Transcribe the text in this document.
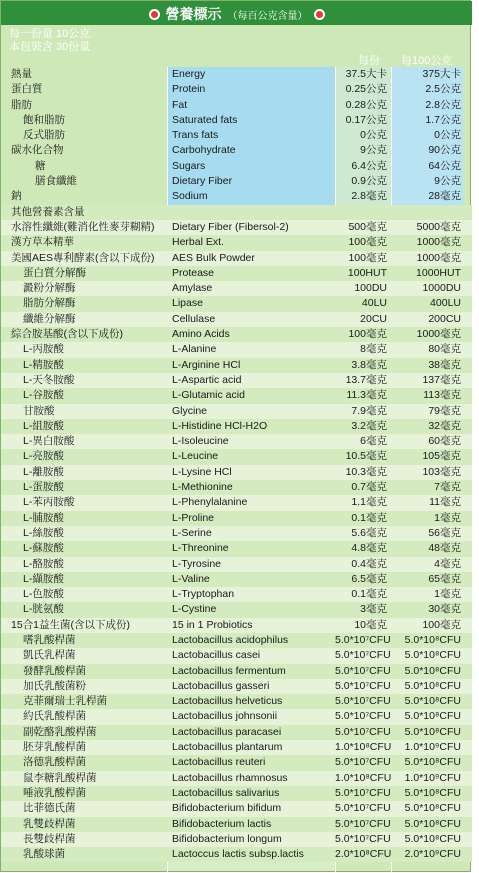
營養標示 （每百公克含量）
每一份量 10公克
本包裝含 30份量
每份 每100公克
熱量	Energy	37.5大卡	375大卡
蛋白質	Protein	0.25公克	2.5公克
脂肪	Fat	0.28公克	2.8公克
飽和脂肪	Saturated fats	0.17公克	1.7公克
反式脂肪	Trans fats	0公克	0公克
碳水化合物	Carbohydrate	9公克	90公克
糖	Sugars	6.4公克	64公克
膳食纖維	Dietary Fiber	0.9公克	9公克
鈉	Sodium	2.8毫克	28毫克
其他營養素含量
水溶性纖維(難消化性麥芽糊精)	Dietary Fiber (Fibersol-2)	500毫克	5000毫克
漢方草本精華	Herbal Ext.	100毫克	1000毫克
美國AES專利酵素(含以下成份)	AES Bulk Powder	100毫克	1000毫克
蛋白質分解酶	Protease	100HUT	1000HUT
澱粉分解酶	Amylase	100DU	1000DU
脂肪分解酶	Lipase	40LU	400LU
纖維分解酶	Cellulase	20CU	200CU
綜合胺基酸(含以下成份)	Amino Acids	100毫克	1000毫克
L-丙胺酸	L-Alanine	8毫克	80毫克
L-精胺酸	L-Arginine HCl	3.8毫克	38毫克
L-天冬胺酸	L-Aspartic acid	13.7毫克	137毫克
L-谷胺酸	L-Glutamic acid	11.3毫克	113毫克
甘胺酸	Glycine	7.9毫克	79毫克
L-組胺酸	L-Histidine HCl-H2O	3.2毫克	32毫克
L-異白胺酸	L-Isoleucine	6毫克	60毫克
L-亮胺酸	L-Leucine	10.5毫克	105毫克
L-離胺酸	L-Lysine HCl	10.3毫克	103毫克
L-蛋胺酸	L-Methionine	0.7毫克	7毫克
L-苯丙胺酸	L-Phenylalanine	1.1毫克	11毫克
L-脯胺酸	L-Proline	0.1毫克	1毫克
L-絲胺酸	L-Serine	5.6毫克	56毫克
L-蘇胺酸	L-Threonine	4.8毫克	48毫克
L-酪胺酸	L-Tyrosine	0.4毫克	4毫克
L-纈胺酸	L-Valine	6.5毫克	65毫克
L-色胺酸	L-Tryptophan	0.1毫克	1毫克
L-胱氨酸	L-Cystine	3毫克	30毫克
15合1益生菌(含以下成份)	15 in 1 Probiotics	10毫克	100毫克
嗜乳酸桿菌	Lactobacillus acidophilus	5.0*10⁷CFU	5.0*10⁸CFU
凱氏乳桿菌	Lactobacillus casei	5.0*10⁷CFU	5.0*10⁸CFU
發酵乳酸桿菌	Lactobacillus fermentum	5.0*10⁷CFU	5.0*10⁸CFU
加氏乳酸菌粉	Lactobacillus gasseri	5.0*10⁷CFU	5.0*10⁸CFU
克菲爾瑞士乳桿菌	Lactobacillus helveticus	5.0*10⁷CFU	5.0*10⁸CFU
約氏乳酸桿菌	Lactobacillus johnsonii	5.0*10⁷CFU	5.0*10⁸CFU
副乾酪乳酸桿菌	Lactobacillus paracasei	5.0*10⁷CFU	5.0*10⁸CFU
胚芽乳酸桿菌	Lactobacillus plantarum	1.0*10⁸CFU	1.0*10⁹CFU
洛德乳酸桿菌	Lactobacillus reuteri	5.0*10⁷CFU	5.0*10⁸CFU
鼠李糖乳酸桿菌	Lactobacillus rhamnosus	1.0*10⁸CFU	1.0*10⁹CFU
唾液乳酸桿菌	Lactobacillus salivarius	5.0*10⁷CFU	5.0*10⁸CFU
比菲德氏菌	Bifidobacterium bifidum	5.0*10⁷CFU	5.0*10⁸CFU
乳雙歧桿菌	Bifidobacterium lactis	5.0*10⁷CFU	5.0*10⁸CFU
長雙歧桿菌	Bifidobacterium longum	5.0*10⁷CFU	5.0*10⁸CFU
乳酸球菌	Lactoccus lactis subsp.lactis	2.0*10⁸CFU	2.0*10⁹CFU
